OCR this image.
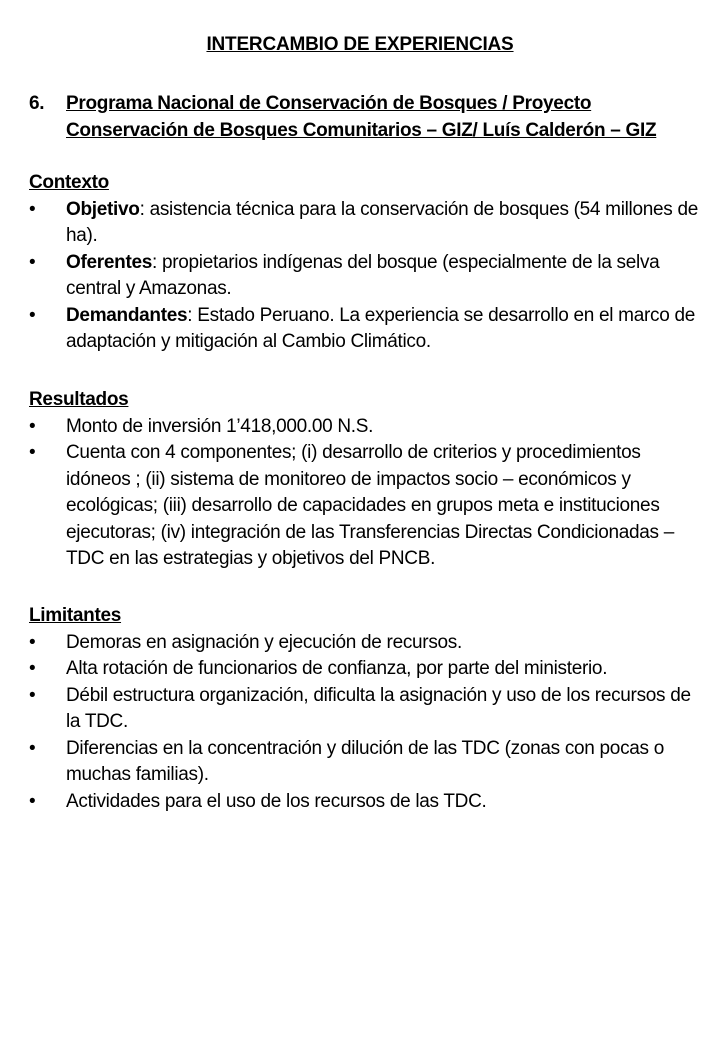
INTERCAMBIO DE EXPERIENCIAS
6. Programa Nacional de Conservación de Bosques / Proyecto Conservación de Bosques Comunitarios – GIZ/ Luís Calderón – GIZ
Contexto
• Objetivo: asistencia técnica para la conservación de bosques (54 millones de ha).
• Oferentes: propietarios indígenas del bosque (especialmente de la selva central y Amazonas.
• Demandantes: Estado Peruano. La experiencia se desarrollo en el marco de adaptación y mitigación al Cambio Climático.
Resultados
• Monto de inversión 1’418,000.00 N.S.
• Cuenta con 4 componentes; (i) desarrollo de criterios y procedimientos idóneos ; (ii) sistema de monitoreo de impactos socio – económicos y ecológicas; (iii) desarrollo de capacidades en grupos meta e instituciones ejecutoras; (iv) integración de las Transferencias Directas Condicionadas – TDC en las estrategias y objetivos del PNCB.
Limitantes
• Demoras en asignación y ejecución de recursos.
• Alta rotación de funcionarios de confianza, por parte del ministerio.
• Débil estructura organización, dificulta la asignación y uso de los recursos de la TDC.
• Diferencias en la concentración y dilución de las TDC (zonas con pocas o muchas familias).
• Actividades para el uso de los recursos de las TDC.
